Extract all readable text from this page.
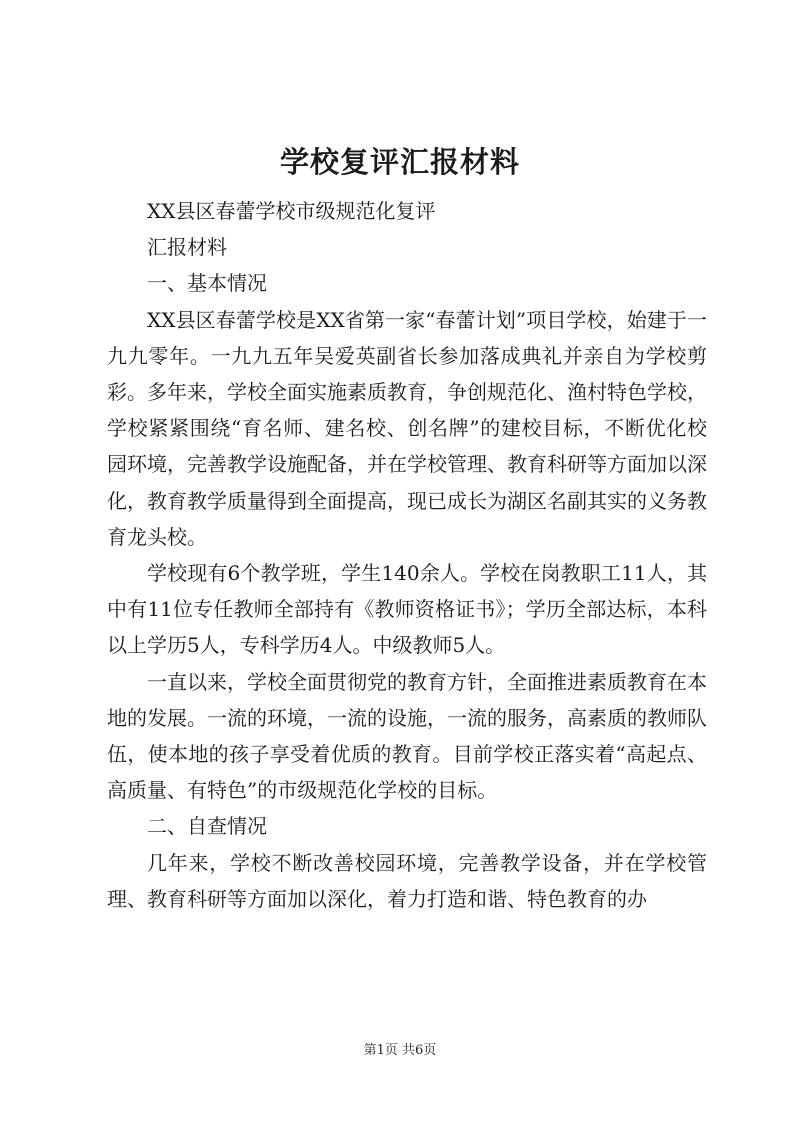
学校复评汇报材料

XX县区春蕾学校市级规范化复评

汇报材料

一、基本情况

XX县区春蕾学校是XX省第一家“春蕾计划”项目学校，始建于一九九零年。一九九五年吴爱英副省长参加落成典礼并亲自为学校剪彩。多年来，学校全面实施素质教育，争创规范化、渔村特色学校，学校紧紧围绕“育名师、建名校、创名牌”的建校目标，不断优化校园环境，完善教学设施配备，并在学校管理、教育科研等方面加以深化，教育教学质量得到全面提高，现已成长为湖区名副其实的义务教育龙头校。

学校现有6个教学班，学生140余人。学校在岗教职工11人，其中有11位专任教师全部持有《教师资格证书》；学历全部达标，本科以上学历5人，专科学历4人。中级教师5人。

一直以来，学校全面贯彻党的教育方针，全面推进素质教育在本地的发展。一流的环境，一流的设施，一流的服务，高素质的教师队伍，使本地的孩子享受着优质的教育。目前学校正落实着“高起点、高质量、有特色”的市级规范化学校的目标。

二、自查情况

几年来，学校不断改善校园环境，完善教学设备，并在学校管理、教育科研等方面加以深化，着力打造和谐、特色教育的办

第1页 共6页
